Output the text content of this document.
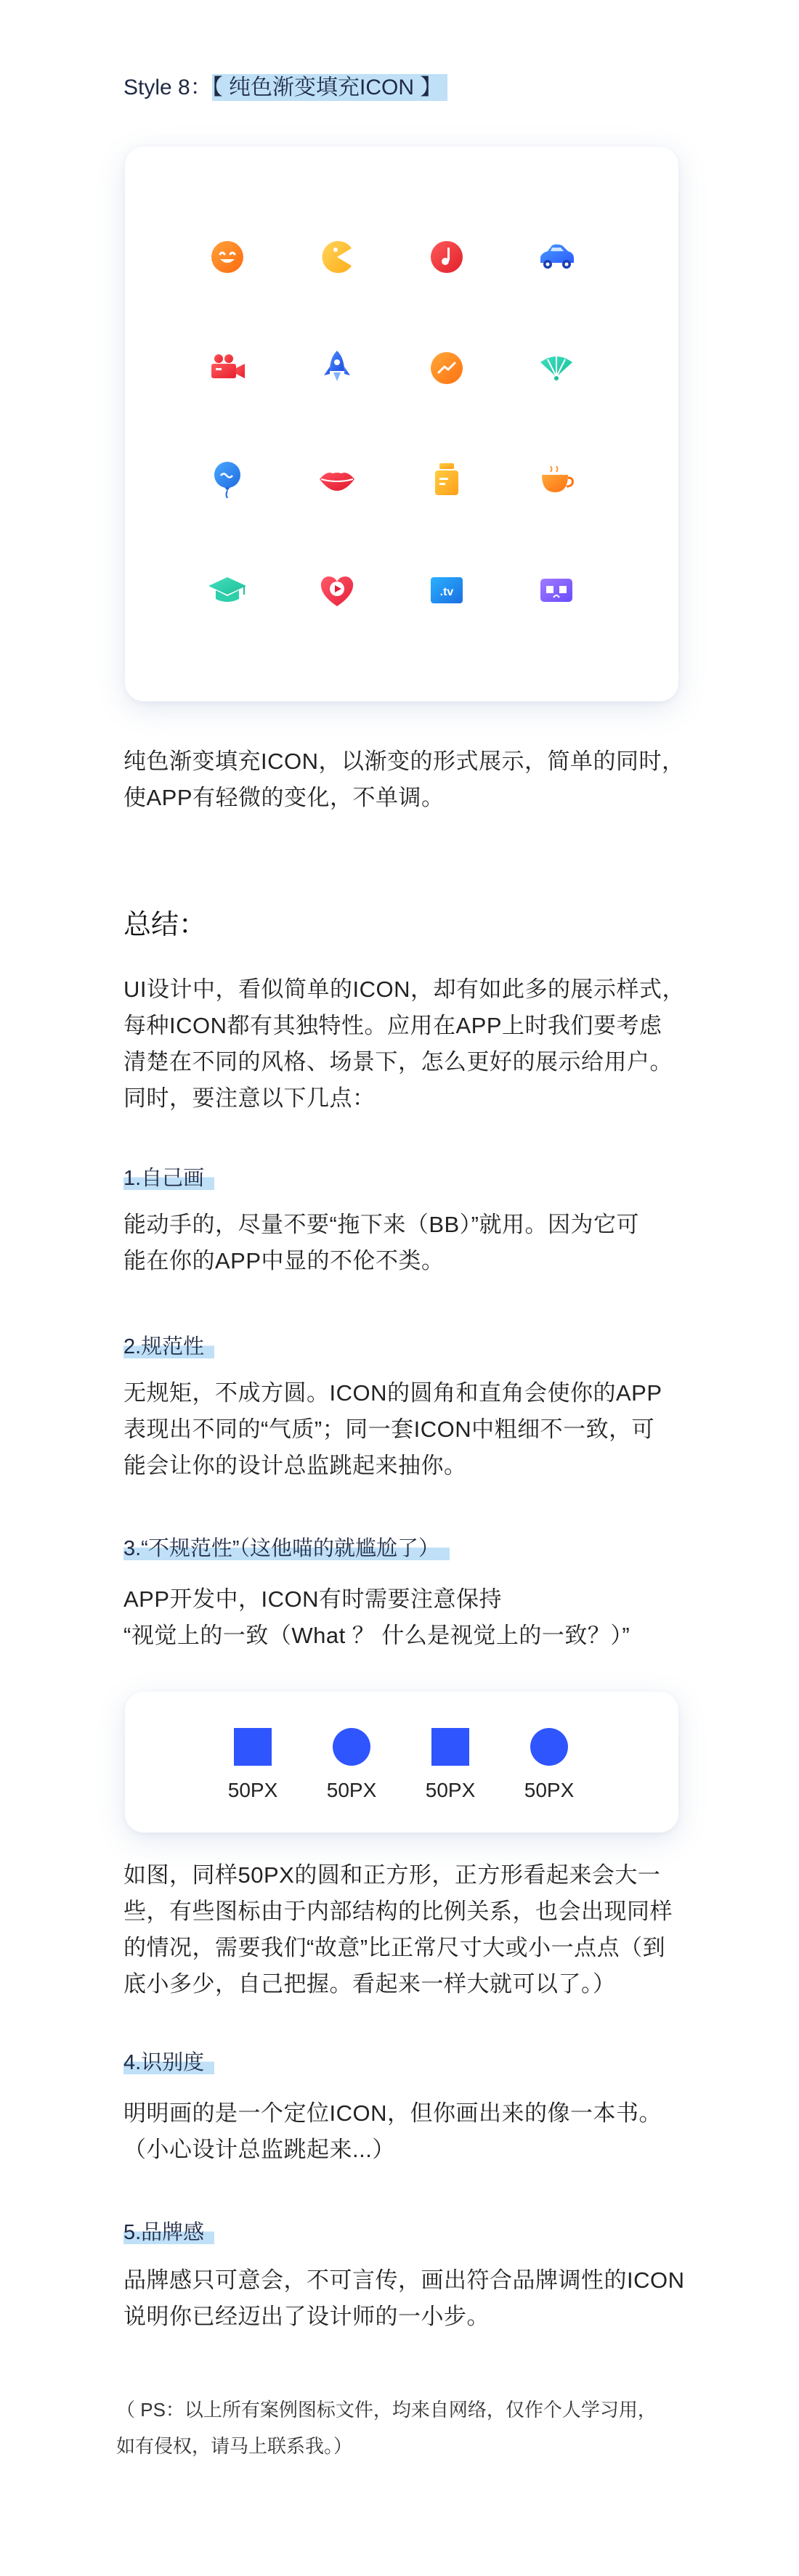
Style 8：【 纯色渐变填充ICON 】
.tv
纯色渐变填充ICON，以渐变的形式展示，简单的同时，
使APP有轻微的变化，不单调。
总结：
UI设计中，看似简单的ICON，却有如此多的展示样式，
每种ICON都有其独特性。应用在APP上时我们要考虑
清楚在不同的风格、场景下，怎么更好的展示给用户。
同时，要注意以下几点：
1.自己画
能动手的，尽量不要“拖下来（BB）”就用。因为它可
能在你的APP中显的不伦不类。
2.规范性
无规矩，不成方圆。ICON的圆角和直角会使你的APP
表现出不同的“气质”；同一套ICON中粗细不一致，可
能会让你的设计总监跳起来抽你。
3.“不规范性”（这他喵的就尴尬了）
APP开发中，ICON有时需要注意保持
“视觉上的一致（What ？ 什么是视觉上的一致？）”
50PX	50PX	50PX	50PX
如图，同样50PX的圆和正方形，正方形看起来会大一
些，有些图标由于内部结构的比例关系，也会出现同样
的情况，需要我们“故意”比正常尺寸大或小一点点（到
底小多少，自己把握。看起来一样大就可以了。）
4.识别度
明明画的是一个定位ICON，但你画出来的像一本书。
（小心设计总监跳起来...）
5.品牌感
品牌感只可意会，不可言传，画出符合品牌调性的ICON
说明你已经迈出了设计师的一小步。
（ PS：以上所有案例图标文件，均来自网络，仅作个人学习用，
如有侵权，请马上联系我。）
